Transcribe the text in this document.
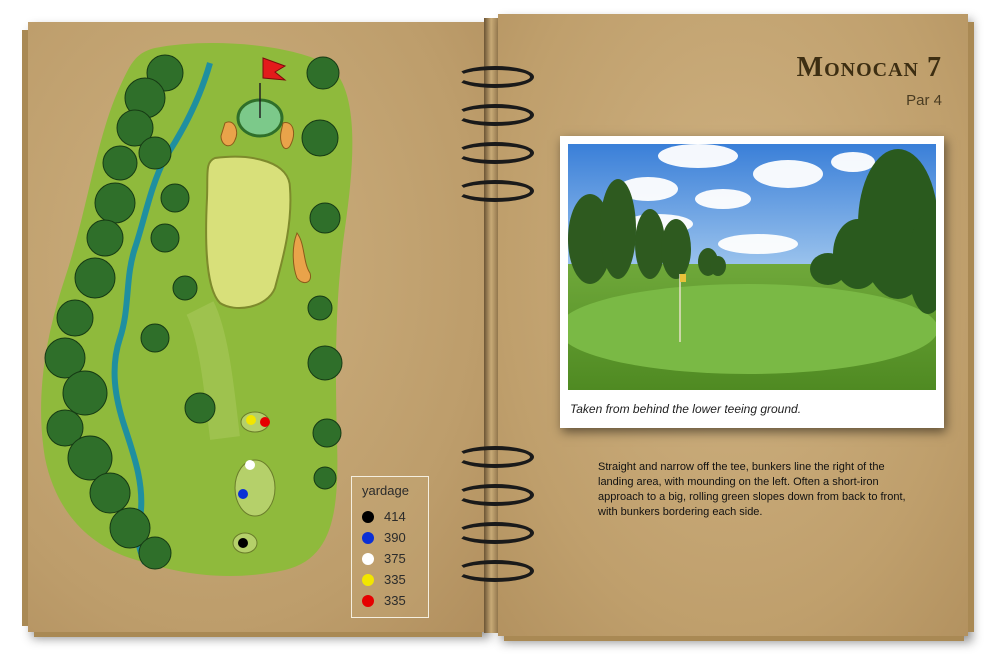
yardage
414
390
375
335
335
Monocan 7
Par 4
Taken from behind the lower teeing ground.
Straight and narrow off the tee, bunkers line the right of the landing area, with mounding on the left. Often a short-iron approach to a big, rolling green slopes down from back to front, with bunkers bordering each side.
